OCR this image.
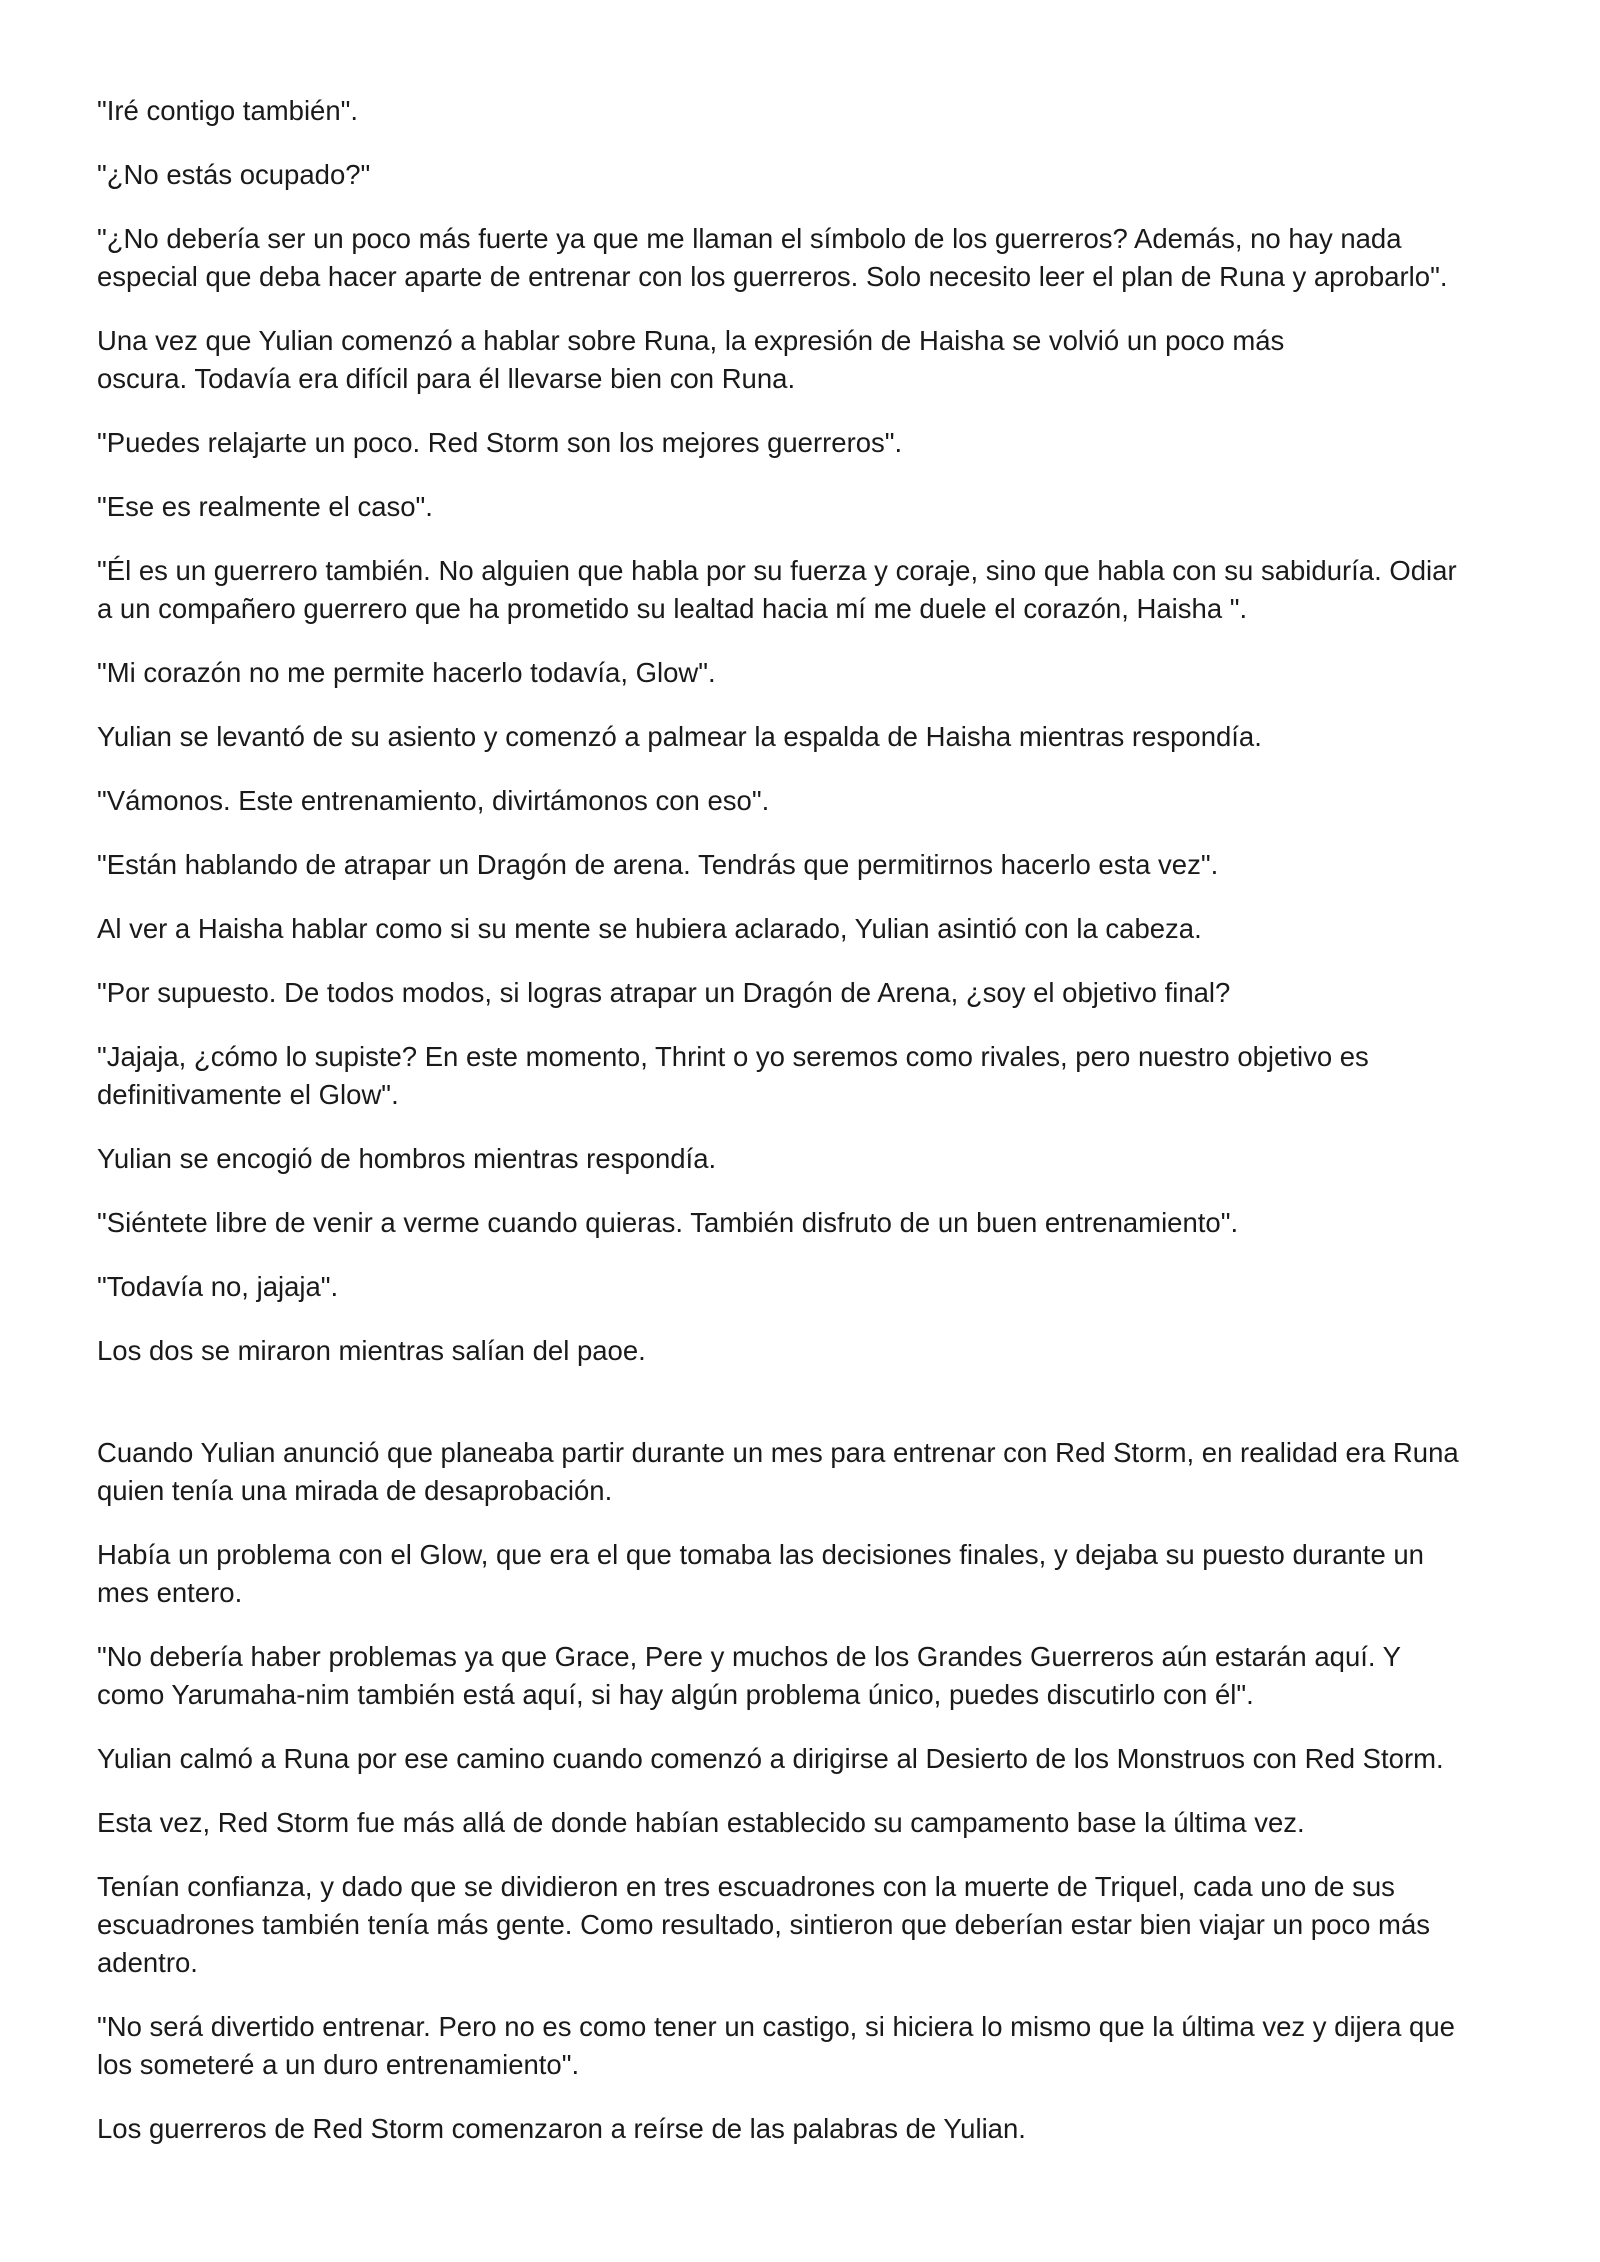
"Iré contigo también".

"¿No estás ocupado?"

"¿No debería ser un poco más fuerte ya que me llaman el símbolo de los guerreros? Además, no hay nada
especial que deba hacer aparte de entrenar con los guerreros. Solo necesito leer el plan de Runa y aprobarlo".

Una vez que Yulian comenzó a hablar sobre Runa, la expresión de Haisha se volvió un poco más
oscura. Todavía era difícil para él llevarse bien con Runa.

"Puedes relajarte un poco. Red Storm son los mejores guerreros".

"Ese es realmente el caso".

"Él es un guerrero también. No alguien que habla por su fuerza y coraje, sino que habla con su sabiduría. Odiar
a un compañero guerrero que ha prometido su lealtad hacia mí me duele el corazón, Haisha ".

"Mi corazón no me permite hacerlo todavía, Glow".

Yulian se levantó de su asiento y comenzó a palmear la espalda de Haisha mientras respondía.

"Vámonos. Este entrenamiento, divirtámonos con eso".

"Están hablando de atrapar un Dragón de arena. Tendrás que permitirnos hacerlo esta vez".

Al ver a Haisha hablar como si su mente se hubiera aclarado, Yulian asintió con la cabeza.

"Por supuesto. De todos modos, si logras atrapar un Dragón de Arena, ¿soy el objetivo final?

"Jajaja, ¿cómo lo supiste? En este momento, Thrint o yo seremos como rivales, pero nuestro objetivo es
definitivamente el Glow".

Yulian se encogió de hombros mientras respondía.

"Siéntete libre de venir a verme cuando quieras. También disfruto de un buen entrenamiento".

"Todavía no, jajaja".

Los dos se miraron mientras salían del paoe.

Cuando Yulian anunció que planeaba partir durante un mes para entrenar con Red Storm, en realidad era Runa
quien tenía una mirada de desaprobación.

Había un problema con el Glow, que era el que tomaba las decisiones finales, y dejaba su puesto durante un
mes entero.

"No debería haber problemas ya que Grace, Pere y muchos de los Grandes Guerreros aún estarán aquí. Y
como Yarumaha-nim también está aquí, si hay algún problema único, puedes discutirlo con él".

Yulian calmó a Runa por ese camino cuando comenzó a dirigirse al Desierto de los Monstruos con Red Storm.

Esta vez, Red Storm fue más allá de donde habían establecido su campamento base la última vez.

Tenían confianza, y dado que se dividieron en tres escuadrones con la muerte de Triquel, cada uno de sus
escuadrones también tenía más gente. Como resultado, sintieron que deberían estar bien viajar un poco más
adentro.

"No será divertido entrenar. Pero no es como tener un castigo, si hiciera lo mismo que la última vez y dijera que
los someteré a un duro entrenamiento".

Los guerreros de Red Storm comenzaron a reírse de las palabras de Yulian.
